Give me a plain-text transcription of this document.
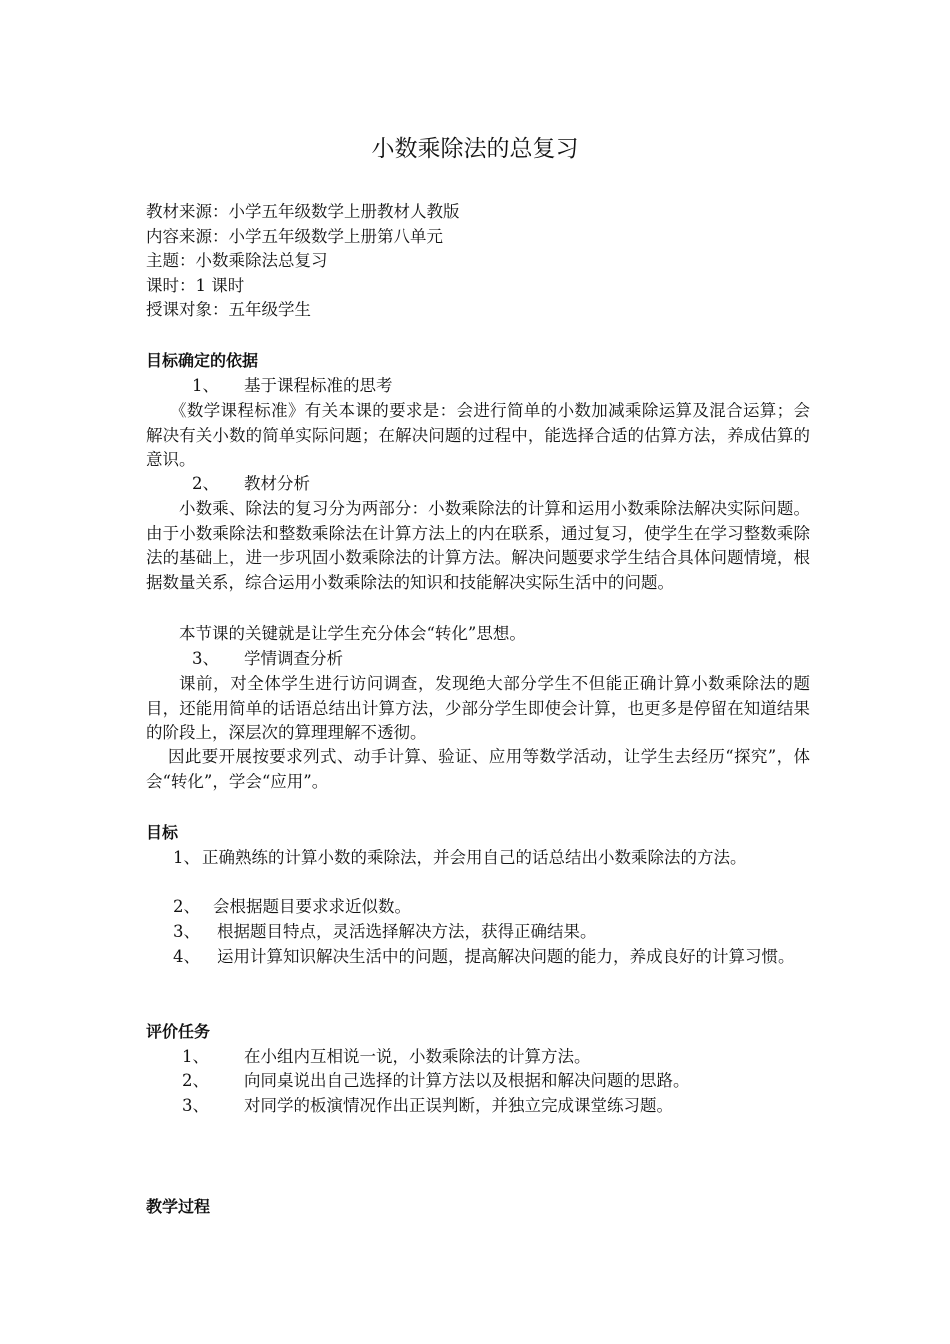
小数乘除法的总复习
教材来源：小学五年级数学上册教材人教版
内容来源：小学五年级数学上册第八单元
主题：小数乘除法总复习
课时：1 课时
授课对象：五年级学生
目标确定的依据
1、 基于课程标准的思考
《数学课程标准》有关本课的要求是：会进行简单的小数加减乘除运算及混合运算；会解决有关小数的简单实际问题；在解决问题的过程中，能选择合适的估算方法，养成估算的意识。
2、 教材分析
小数乘、除法的复习分为两部分：小数乘除法的计算和运用小数乘除法解决实际问题。由于小数乘除法和整数乘除法在计算方法上的内在联系，通过复习，使学生在学习整数乘除法的基础上，进一步巩固小数乘除法的计算方法。解决问题要求学生结合具体问题情境，根据数量关系，综合运用小数乘除法的知识和技能解决实际生活中的问题。
本节课的关键就是让学生充分体会“转化”思想。
3、 学情调查分析
课前，对全体学生进行访问调查，发现绝大部分学生不但能正确计算小数乘除法的题目，还能用简单的话语总结出计算方法，少部分学生即使会计算，也更多是停留在知道结果的阶段上，深层次的算理理解不透彻。
因此要开展按要求列式、动手计算、验证、应用等数学活动，让学生去经历“探究”，体会“转化”，学会“应用”。
目标
1、 正确熟练的计算小数的乘除法，并会用自己的话总结出小数乘除法的方法。
2、 会根据题目要求求近似数。
3、 根据题目特点，灵活选择解决方法，获得正确结果。
4、	运用计算知识解决生活中的问题，提高解决问题的能力，养成良好的计算习惯。
评价任务
1、 在小组内互相说一说，小数乘除法的计算方法。
2、 向同桌说出自己选择的计算方法以及根据和解决问题的思路。
3、 对同学的板演情况作出正误判断，并独立完成课堂练习题。
教学过程
